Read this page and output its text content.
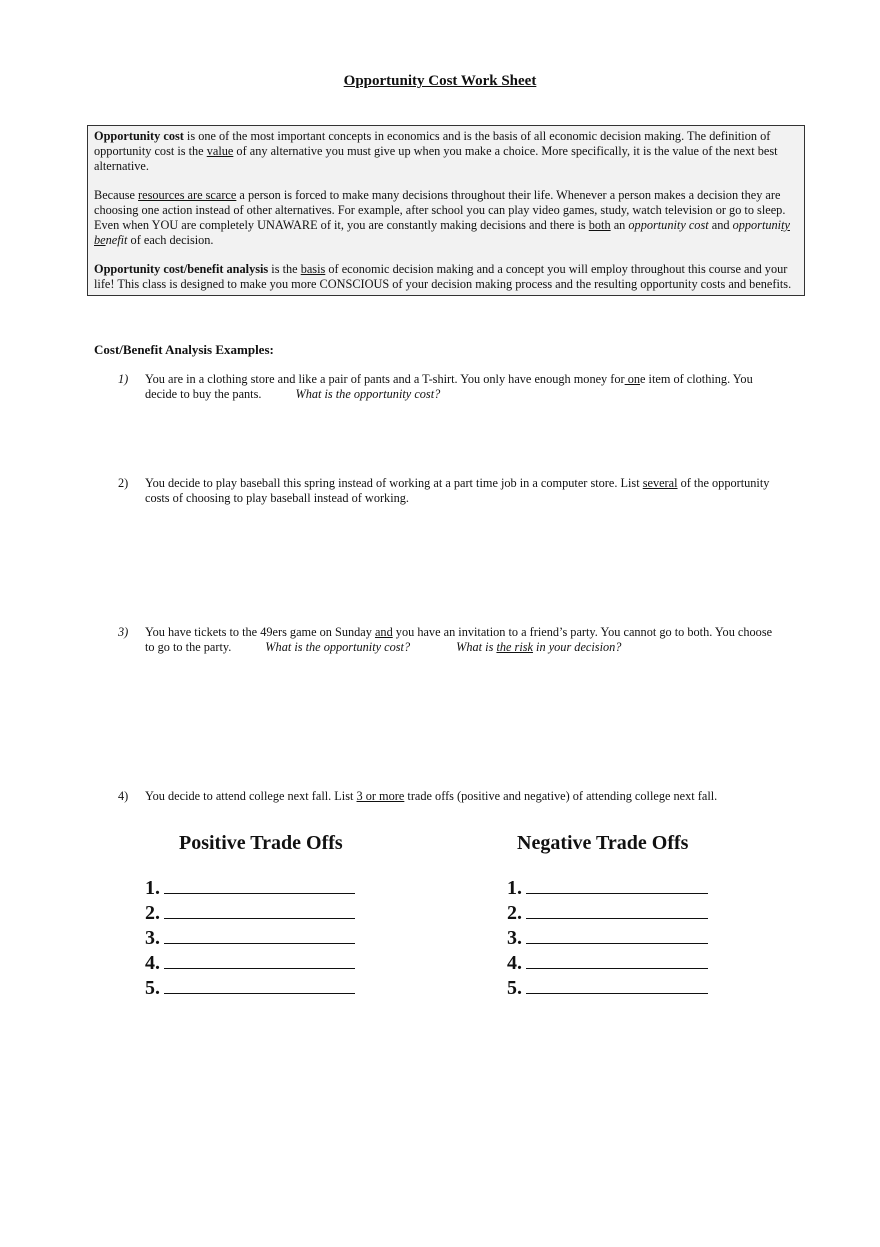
Opportunity Cost Work Sheet

Opportunity cost is one of the most important concepts in economics and is the basis of all economic decision making. The definition of opportunity cost is the value of any alternative you must give up when you make a choice. More specifically, it is the value of the next best alternative.

Because resources are scarce a person is forced to make many decisions throughout their life. Whenever a person makes a decision they are choosing one action instead of other alternatives. For example, after school you can play video games, study, watch television or go to sleep. Even when YOU are completely UNAWARE of it, you are constantly making decisions and there is both an opportunity cost and opportunity benefit of each decision.

Opportunity cost/benefit analysis is the basis of economic decision making and a concept you will employ throughout this course and your life! This class is designed to make you more CONSCIOUS of your decision making process and the resulting opportunity costs and benefits.

Cost/Benefit Analysis Examples:
1)	You are in a clothing store and like a pair of pants and a T-shirt. You only have enough money for one item of clothing. You decide to buy the pants.	What is the opportunity cost?
2)	You decide to play baseball this spring instead of working at a part time job in a computer store. List several of the opportunity costs of choosing to play baseball instead of working.
3)	You have tickets to the 49ers game on Sunday and you have an invitation to a friend’s party. You cannot go to both. You choose to go to the party.	What is the opportunity cost?	What is the risk in your decision?
4)	You decide to attend college next fall. List 3 or more trade offs (positive and negative) of attending college next fall.
Positive Trade Offs
1.
2.
3.
4.
5.
Negative Trade Offs
1.
2.
3.
4.
5.
